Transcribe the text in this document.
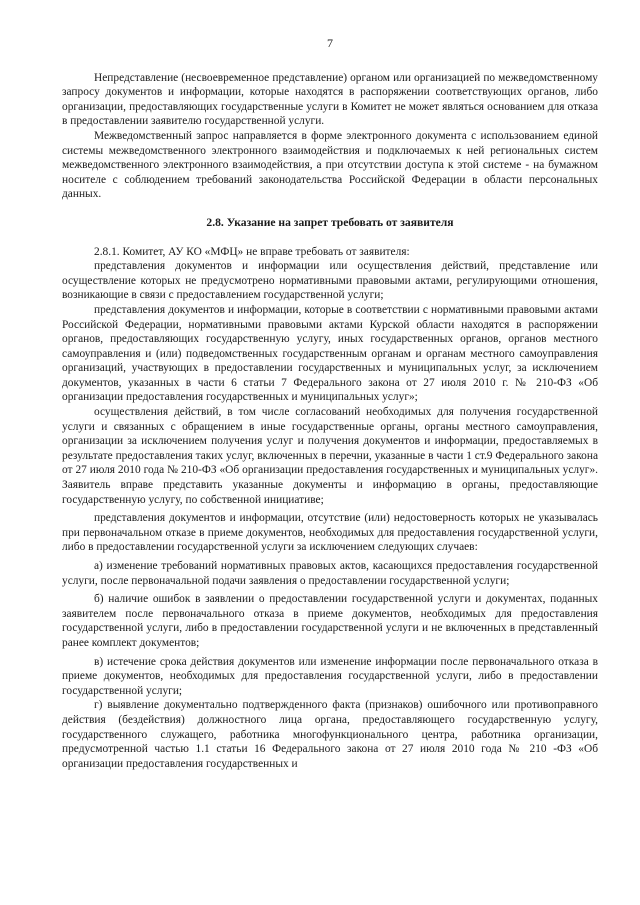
7

Непредставление (несвоевременное представление) органом или организацией по межведомственному запросу документов и информации, которые находятся в распоряжении соответствующих органов, либо организации, предоставляющих государственные услуги в Комитет не может являться основанием для отказа в предоставлении заявителю государственной услуги.

Межведомственный запрос направляется в форме электронного документа с использованием единой системы межведомственного электронного взаимодействия и подключаемых к ней региональных систем межведомственного электронного взаимодействия, а при отсутствии доступа к этой системе - на бумажном носителе с соблюдением требований законодательства Российской Федерации в области персональных данных.

2.8. Указание на запрет требовать от заявителя

2.8.1. Комитет, АУ КО «МФЦ» не вправе требовать от заявителя:

представления документов и информации или осуществления действий, представление или осуществление которых не предусмотрено нормативными правовыми актами, регулирующими отношения, возникающие в связи с предоставлением государственной услуги;

представления документов и информации, которые в соответствии с нормативными правовыми актами Российской Федерации, нормативными правовыми актами Курской области находятся в распоряжении органов, предоставляющих государственную услугу, иных государственных органов, органов местного самоуправления и (или) подведомственных государственным органам и органам местного самоуправления организаций, участвующих в предоставлении государственных и муниципальных услуг, за исключением документов, указанных в части 6 статьи 7 Федерального закона от 27 июля 2010 г. № 210-ФЗ «Об организации предоставления государственных и муниципальных услуг»;

осуществления действий, в том числе согласований необходимых для получения государственной услуги и связанных с обращением в иные государственные органы, органы местного самоуправления, организации за исключением получения услуг и получения документов и информации, предоставляемых в результате предоставления таких услуг, включенных в перечни, указанные в части 1 ст.9 Федерального закона от 27 июля 2010 года № 210-ФЗ «Об организации предоставления государственных и муниципальных услуг». Заявитель вправе представить указанные документы и информацию в органы, предоставляющие государственную услугу, по собственной инициативе;

представления документов и информации, отсутствие (или) недостоверность которых не указывалась при первоначальном отказе в приеме документов, необходимых для предоставления государственной услуги, либо в предоставлении государственной услуги за исключением следующих случаев:

а) изменение требований нормативных правовых актов, касающихся предоставления государственной услуги, после первоначальной подачи заявления о предоставлении государственной услуги;

б) наличие ошибок в заявлении о предоставлении государственной услуги и документах, поданных заявителем после первоначального отказа в приеме документов, необходимых для предоставления государственной услуги, либо в предоставлении государственной услуги и не включенных в представленный ранее комплект документов;

в) истечение срока действия документов или изменение информации после первоначального отказа в приеме документов, необходимых для предоставления государственной услуги, либо в предоставлении государственной услуги;

г) выявление документально подтвержденного факта (признаков) ошибочного или противоправного действия (бездействия) должностного лица органа, предоставляющего государственную услугу, государственного служащего, работника многофункционального центра, работника организации, предусмотренной частью 1.1 статьи 16 Федерального закона от 27 июля 2010 года № 210 -ФЗ «Об организации предоставления государственных и
